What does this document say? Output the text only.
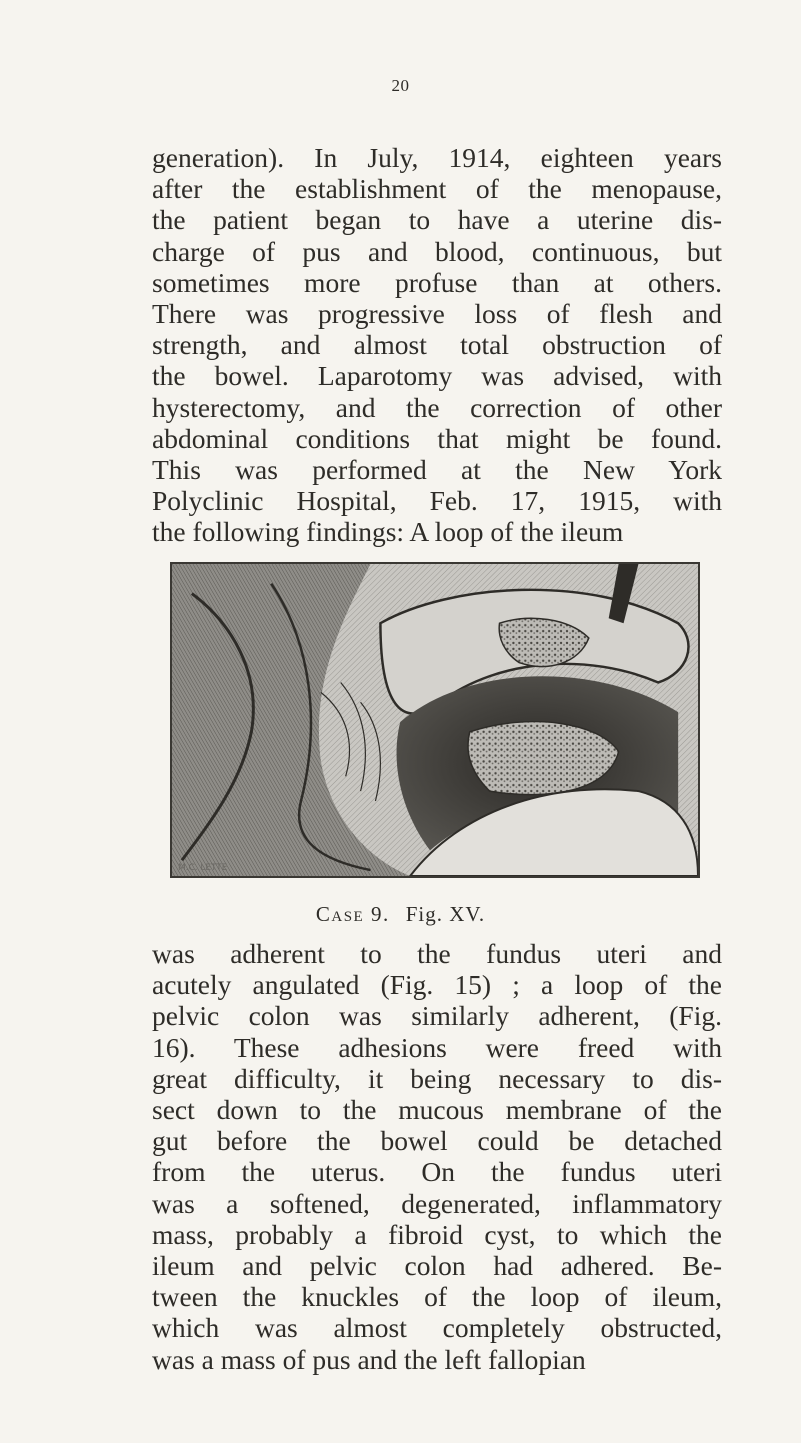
20
generation). In July, 1914, eighteen years
after the establishment of the menopause,
the patient began to have a uterine dis-
charge of pus and blood, continuous, but
sometimes more profuse than at others.
There was progressive loss of flesh and
strength, and almost total obstruction of
the bowel. Laparotomy was advised, with
hysterectomy, and the correction of other
abdominal conditions that might be found.
This was performed at the New York
Polyclinic Hospital, Feb. 17, 1915, with
the following findings: A loop of the ileum
M.C. LETTE
Case 9. Fig. XV.
was adherent to the fundus uteri and
acutely angulated (Fig. 15) ; a loop of the
pelvic colon was similarly adherent, (Fig.
16). These adhesions were freed with
great difficulty, it being necessary to dis-
sect down to the mucous membrane of the
gut before the bowel could be detached
from the uterus. On the fundus uteri
was a softened, degenerated, inflammatory
mass, probably a fibroid cyst, to which the
ileum and pelvic colon had adhered. Be-
tween the knuckles of the loop of ileum,
which was almost completely obstructed,
was a mass of pus and the left fallopian
